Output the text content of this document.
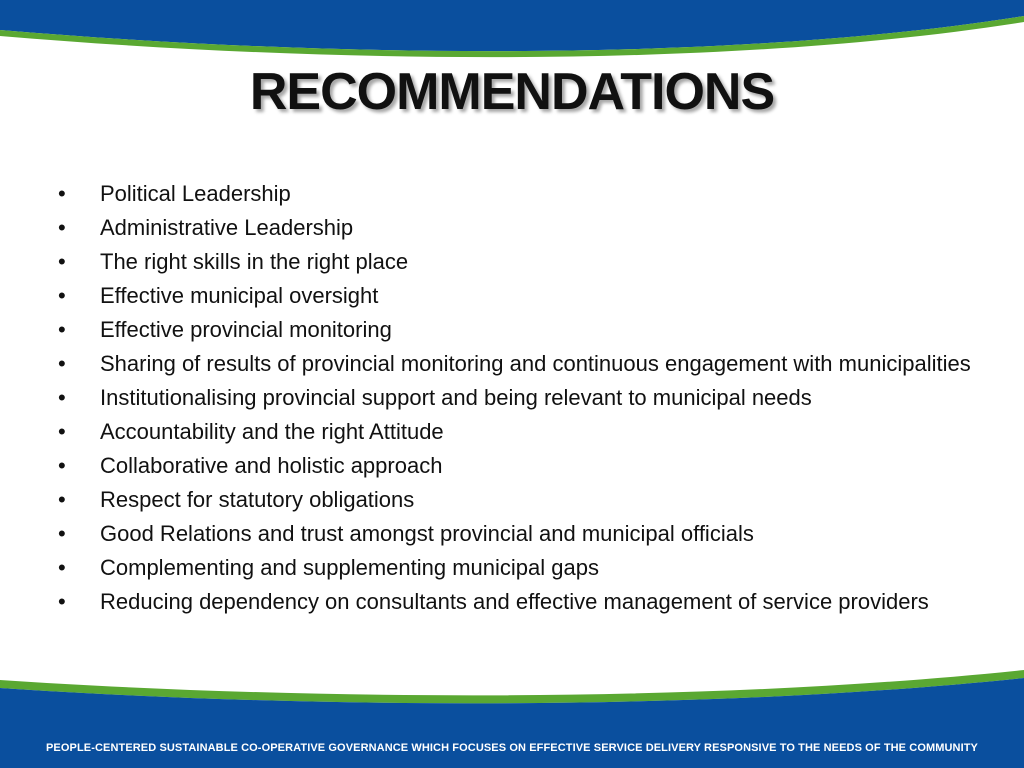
RECOMMENDATIONS
• Political Leadership
• Administrative Leadership
• The right skills in the right place
• Effective municipal oversight
• Effective provincial monitoring
• Sharing of results of provincial monitoring and continuous engagement with municipalities
• Institutionalising provincial support and being relevant to municipal needs
• Accountability and the right Attitude
• Collaborative and holistic approach
• Respect for statutory obligations
• Good Relations and trust amongst provincial and municipal officials
• Complementing and supplementing municipal gaps
• Reducing dependency on consultants and effective management of service providers

PEOPLE-CENTERED SUSTAINABLE CO-OPERATIVE GOVERNANCE WHICH FOCUSES ON EFFECTIVE SERVICE DELIVERY RESPONSIVE TO THE NEEDS OF THE COMMUNITY
